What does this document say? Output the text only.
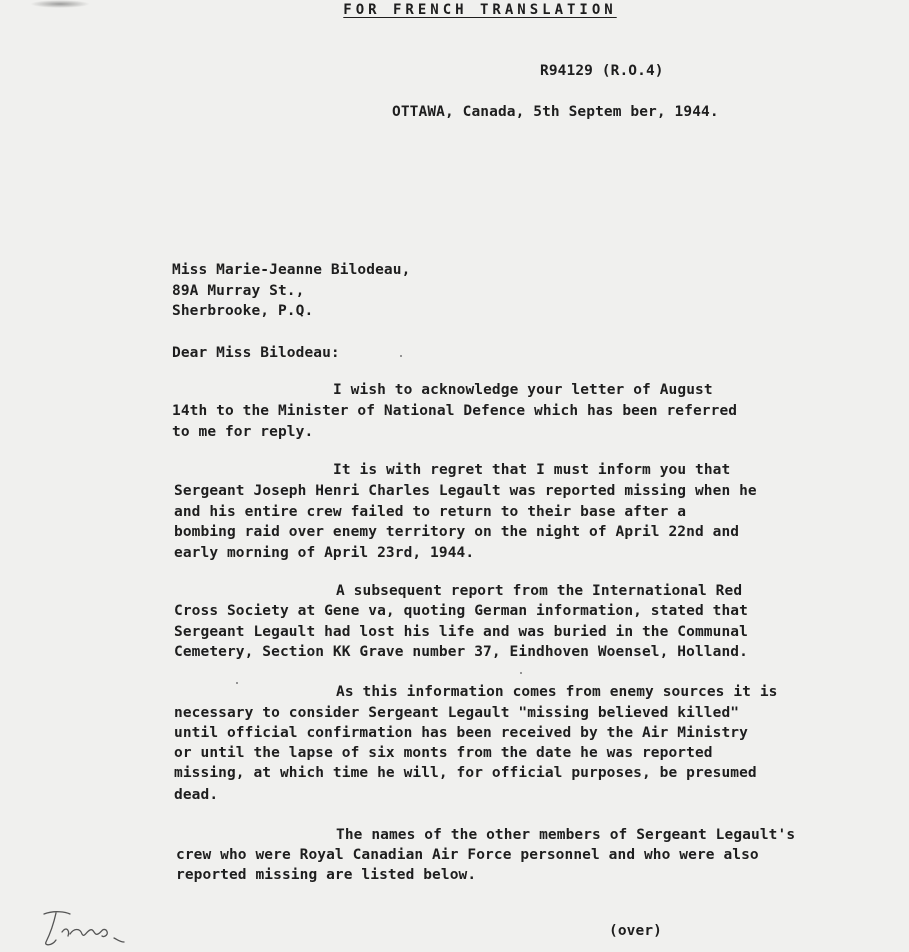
FOR FRENCH TRANSLATION
R94129 (R.O.4)
OTTAWA, Canada, 5th Septem ber, 1944.
Miss Marie-Jeanne Bilodeau,
89A Murray St.,
Sherbrooke, P.Q.
Dear Miss Bilodeau:
I wish to acknowledge your letter of August
14th to the Minister of National Defence which has been referred
to me for reply.
It is with regret that I must inform you that
Sergeant Joseph Henri Charles Legault was reported missing when he
and his entire crew failed to return to their base after a
bombing raid over enemy territory on the night of April 22nd and
early morning of April 23rd, 1944.
A subsequent report from the International Red
Cross Society at Gene va, quoting German information, stated that
Sergeant Legault had lost his life and was buried in the Communal
Cemetery, Section KK Grave number 37, Eindhoven Woensel, Holland.
As this information comes from enemy sources it is
necessary to consider Sergeant Legault "missing believed killed"
until official confirmation has been received by the Air Ministry
or until the lapse of six monts from the date he was reported
missing, at which time he will, for official purposes, be presumed
dead.
The names of the other members of Sergeant Legault's
crew who were Royal Canadian Air Force personnel and who were also
reported missing are listed below.
(over)
